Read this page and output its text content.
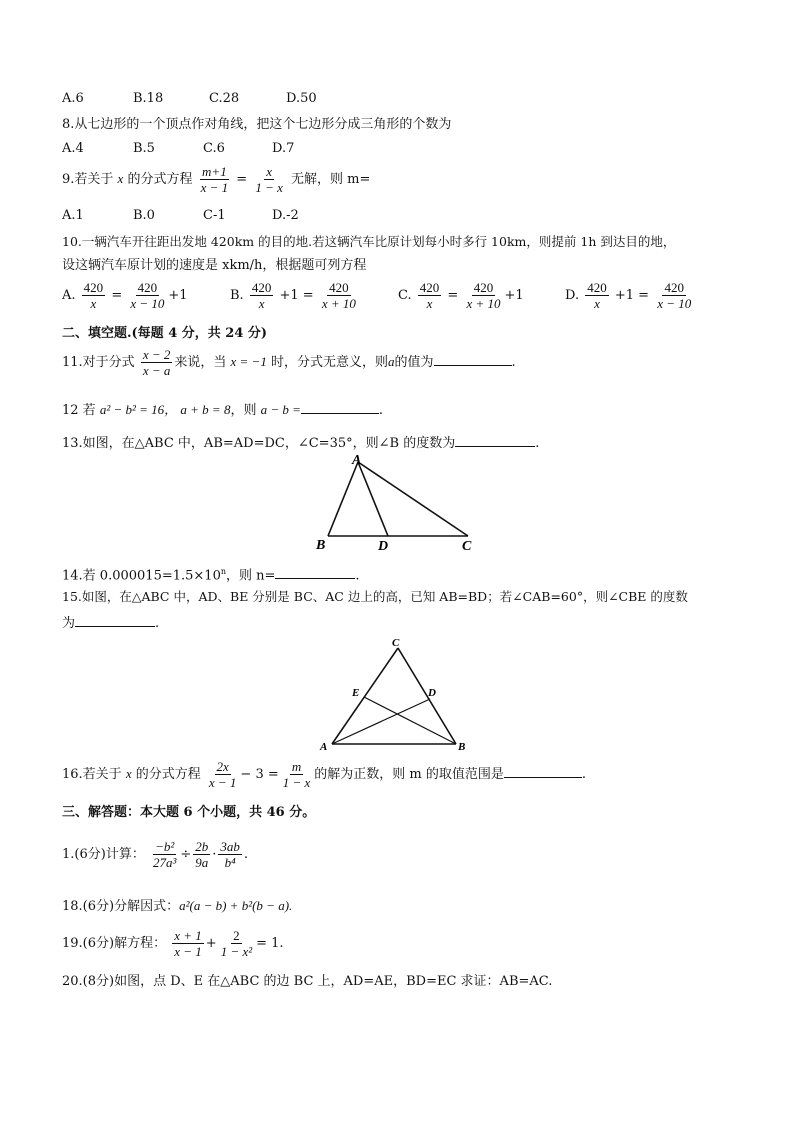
A.6	B.18	C.28	D.50
8.从七边形的一个顶点作对角线，把这个七边形分成三角形的个数为
A.4	B.5	C.6	D.7
9.若关于 x 的分式方程 $\frac{m+1}{x - 1} = \frac{x}{1 - x}$ 无解，则 m=
A.1	B.0	C-1	D.-2
10.一辆汽车开往距出发地 420km 的目的地.若这辆汽车比原计划每小时多行 10km，则提前 1h 到达目的地，
设这辆汽车原计划的速度是 xkm/h，根据题可列方程
A. $\frac{420}{x} = \frac{420}{x - 10} +1$	B. $\frac{420}{x} +1 = \frac{420}{x + 10}$	C. $\frac{420}{x} = \frac{420}{x + 10} +1$	D. $\frac{420}{x} +1 = \frac{420}{x - 10}$
二、填空题.(每题 4 分，共 24 分)
11.对于分式 $\frac{x - 2}{x - a}$ 来说，当 x = −1 时，分式无意义，则a的值为	.
12 若 a² − b² = 16， a + b = 8，则 a − b =	.
13.如图，在△ABC 中，AB=AD=DC，∠C=35°，则∠B 的度数为	.
A
B	D	C
14.若 $0.000015=1.5\times 10^n$，则 n=	.
15.如图，在△ABC 中，AD、BE 分别是 BC、AC 边上的高，已知 AB=BD；若∠CAB=60°，则∠CBE 的度数
为	.
C
E	D
A	B
16.若关于 x 的分式方程 $\frac{2x}{x - 1} - 3 = \frac{m}{1 - x}$ 的解为正数，则 m 的取值范围是	.
三、解答题：本大题 6 个小题，共 46 分。
1.(6分)计算： $\frac{\text{−b²}}{\text{27a³}} \div \frac{2b}{9a} \cdot \frac{3ab}{\text{b⁴}}$ .
18.(6分)分解因式：a²(a − b) + b²(b − a).
19.(6分)解方程： $\frac{x + 1}{x - 1} + \frac{2}{\text{1 − x²}} = 1$.
20.(8分)如图，点 D、E 在△ABC 的边 BC 上，AD=AE，BD=EC 求证：AB=AC.
